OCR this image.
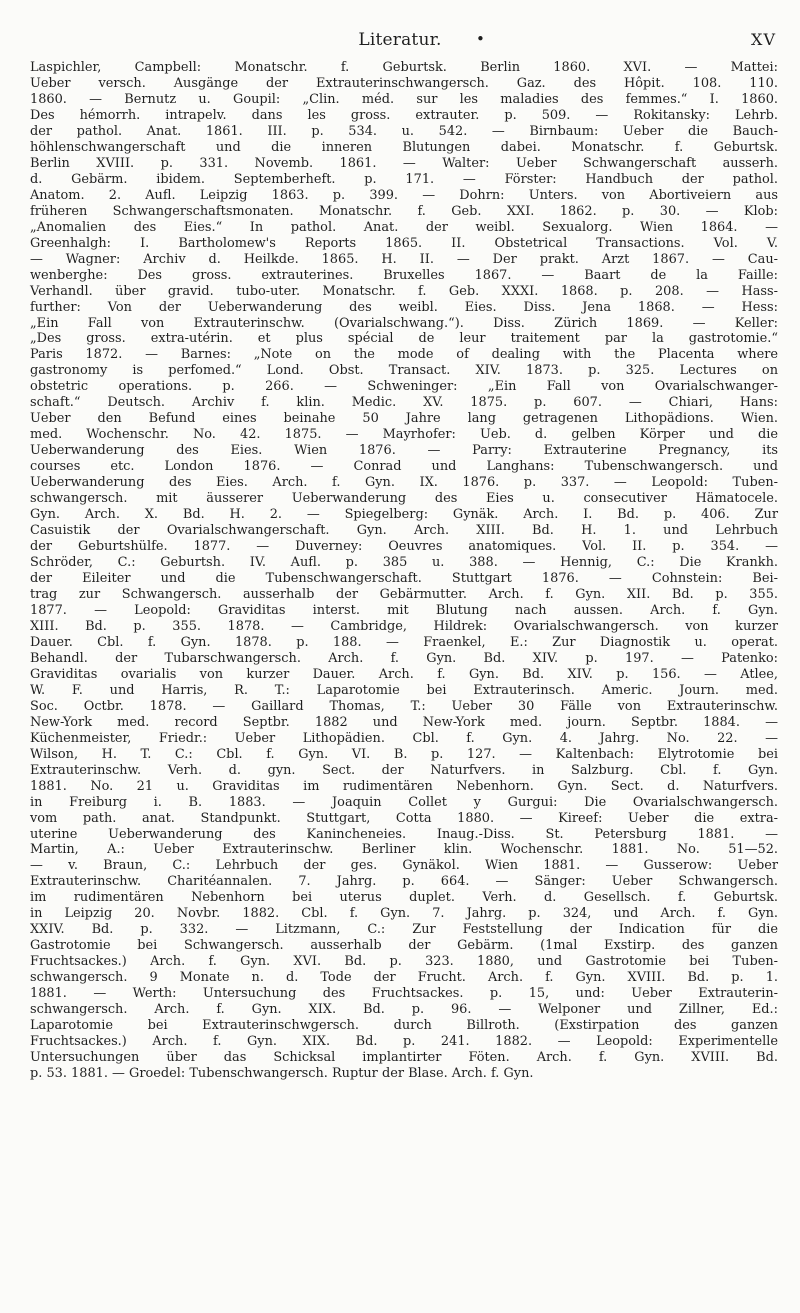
Literatur.	•	XV
Laspichler, Campbell: Monatschr. f. Geburtsk. Berlin 1860. XVI. — Mattei:
Ueber versch. Ausgänge der Extrauterinschwangersch. Gaz. des Hôpit. 108. 110.
1860. — Bernutz u. Goupil: „Clin. méd. sur les maladies des femmes.“ I. 1860.
Des hémorrh. intrapelv. dans les gross. extrauter. p. 509. — Rokitansky: Lehrb.
der pathol. Anat. 1861. III. p. 534. u. 542. — Birnbaum: Ueber die Bauch-
höhlenschwangerschaft und die inneren Blutungen dabei. Monatschr. f. Geburtsk.
Berlin XVIII. p. 331. Novemb. 1861. — Walter: Ueber Schwangerschaft ausserh.
d. Gebärm. ibidem. Septemberheft. p. 171. — Förster: Handbuch der pathol.
Anatom. 2. Aufl. Leipzig 1863. p. 399. — Dohrn: Unters. von Abortiveiern aus
früheren Schwangerschaftsmonaten. Monatschr. f. Geb. XXI. 1862. p. 30. — Klob:
„Anomalien des Eies.“ In pathol. Anat. der weibl. Sexualorg. Wien 1864. —
Greenhalgh: I. Bartholomew's Reports 1865. II. Obstetrical Transactions. Vol. V.
— Wagner: Archiv d. Heilkde. 1865. H. II. — Der prakt. Arzt 1867. — Cau-
wenberghe: Des gross. extrauterines. Bruxelles 1867. — Baart de la Faille:
Verhandl. über gravid. tubo-uter. Monatschr. f. Geb. XXXI. 1868. p. 208. — Hass-
further: Von der Ueberwanderung des weibl. Eies. Diss. Jena 1868. — Hess:
„Ein Fall von Extrauterinschw. (Ovarialschwang.“). Diss. Zürich 1869. — Keller:
„Des gross. extra-utérin. et plus spécial de leur traitement par la gastrotomie.“
Paris 1872. — Barnes: „Note on the mode of dealing with the Placenta where
gastronomy is perfomed.“ Lond. Obst. Transact. XIV. 1873. p. 325. Lectures on
obstetric operations. p. 266. — Schweninger: „Ein Fall von Ovarialschwanger-
schaft.“ Deutsch. Archiv f. klin. Medic. XV. 1875. p. 607. — Chiari, Hans:
Ueber den Befund eines beinahe 50 Jahre lang getragenen Lithopädions. Wien.
med. Wochenschr. No. 42. 1875. — Mayrhofer: Ueb. d. gelben Körper und die
Ueberwanderung des Eies. Wien 1876. — Parry: Extrauterine Pregnancy, its
courses etc. London 1876. — Conrad und Langhans: Tubenschwangersch. und
Ueberwanderung des Eies. Arch. f. Gyn. IX. 1876. p. 337. — Leopold: Tuben-
schwangersch. mit äusserer Ueberwanderung des Eies u. consecutiver Hämatocele.
Gyn. Arch. X. Bd. H. 2. — Spiegelberg: Gynäk. Arch. I. Bd. p. 406. Zur
Casuistik der Ovarialschwangerschaft. Gyn. Arch. XIII. Bd. H. 1. und Lehrbuch
der Geburtshülfe. 1877. — Duverney: Oeuvres anatomiques. Vol. II. p. 354. —
Schröder, C.: Geburtsh. IV. Aufl. p. 385 u. 388. — Hennig, C.: Die Krankh.
der Eileiter und die Tubenschwangerschaft. Stuttgart 1876. — Cohnstein: Bei-
trag zur Schwangersch. ausserhalb der Gebärmutter. Arch. f. Gyn. XII. Bd. p. 355.
1877. — Leopold: Graviditas interst. mit Blutung nach aussen. Arch. f. Gyn.
XIII. Bd. p. 355. 1878. — Cambridge, Hildrek: Ovarialschwangersch. von kurzer
Dauer. Cbl. f. Gyn. 1878. p. 188. — Fraenkel, E.: Zur Diagnostik u. operat.
Behandl. der Tubarschwangersch. Arch. f. Gyn. Bd. XIV. p. 197. — Patenko:
Graviditas ovarialis von kurzer Dauer. Arch. f. Gyn. Bd. XIV. p. 156. — Atlee,
W. F. und Harris, R. T.: Laparotomie bei Extrauterinsch. Americ. Journ. med.
Soc. Octbr. 1878. — Gaillard Thomas, T.: Ueber 30 Fälle von Extrauterinschw.
New-York med. record Septbr. 1882 und New-York med. journ. Septbr. 1884. —
Küchenmeister, Friedr.: Ueber Lithopädien. Cbl. f. Gyn. 4. Jahrg. No. 22. —
Wilson, H. T. C.: Cbl. f. Gyn. VI. B. p. 127. — Kaltenbach: Elytrotomie bei
Extrauterinschw. Verh. d. gyn. Sect. der Naturfvers. in Salzburg. Cbl. f. Gyn.
1881. No. 21 u. Graviditas im rudimentären Nebenhorn. Gyn. Sect. d. Naturfvers.
in Freiburg i. B. 1883. — Joaquin Collet y Gurgui: Die Ovarialschwangersch.
vom path. anat. Standpunkt. Stuttgart, Cotta 1880. — Kireef: Ueber die extra-
uterine Ueberwanderung des Kanincheneies. Inaug.-Diss. St. Petersburg 1881. —
Martin, A.: Ueber Extrauterinschw. Berliner klin. Wochenschr. 1881. No. 51—52.
— v. Braun, C.: Lehrbuch der ges. Gynäkol. Wien 1881. — Gusserow: Ueber
Extrauterinschw. Charitéannalen. 7. Jahrg. p. 664. — Sänger: Ueber Schwangersch.
im rudimentären Nebenhorn bei uterus duplet. Verh. d. Gesellsch. f. Geburtsk.
in Leipzig 20. Novbr. 1882. Cbl. f. Gyn. 7. Jahrg. p. 324, und Arch. f. Gyn.
XXIV. Bd. p. 332. — Litzmann, C.: Zur Feststellung der Indication für die
Gastrotomie bei Schwangersch. ausserhalb der Gebärm. (1mal Exstirp. des ganzen
Fruchtsackes.) Arch. f. Gyn. XVI. Bd. p. 323. 1880, und Gastrotomie bei Tuben-
schwangersch. 9 Monate n. d. Tode der Frucht. Arch. f. Gyn. XVIII. Bd. p. 1.
1881. — Werth: Untersuchung des Fruchtsackes. p. 15, und: Ueber Extrauterin-
schwangersch. Arch. f. Gyn. XIX. Bd. p. 96. — Welponer und Zillner, Ed.:
Laparotomie bei Extrauterinschwgersch. durch Billroth. (Exstirpation des ganzen
Fruchtsackes.) Arch. f. Gyn. XIX. Bd. p. 241. 1882. — Leopold: Experimentelle
Untersuchungen über das Schicksal implantirter Föten. Arch. f. Gyn. XVIII. Bd.
p. 53. 1881. — Groedel: Tubenschwangersch. Ruptur der Blase. Arch. f. Gyn.
